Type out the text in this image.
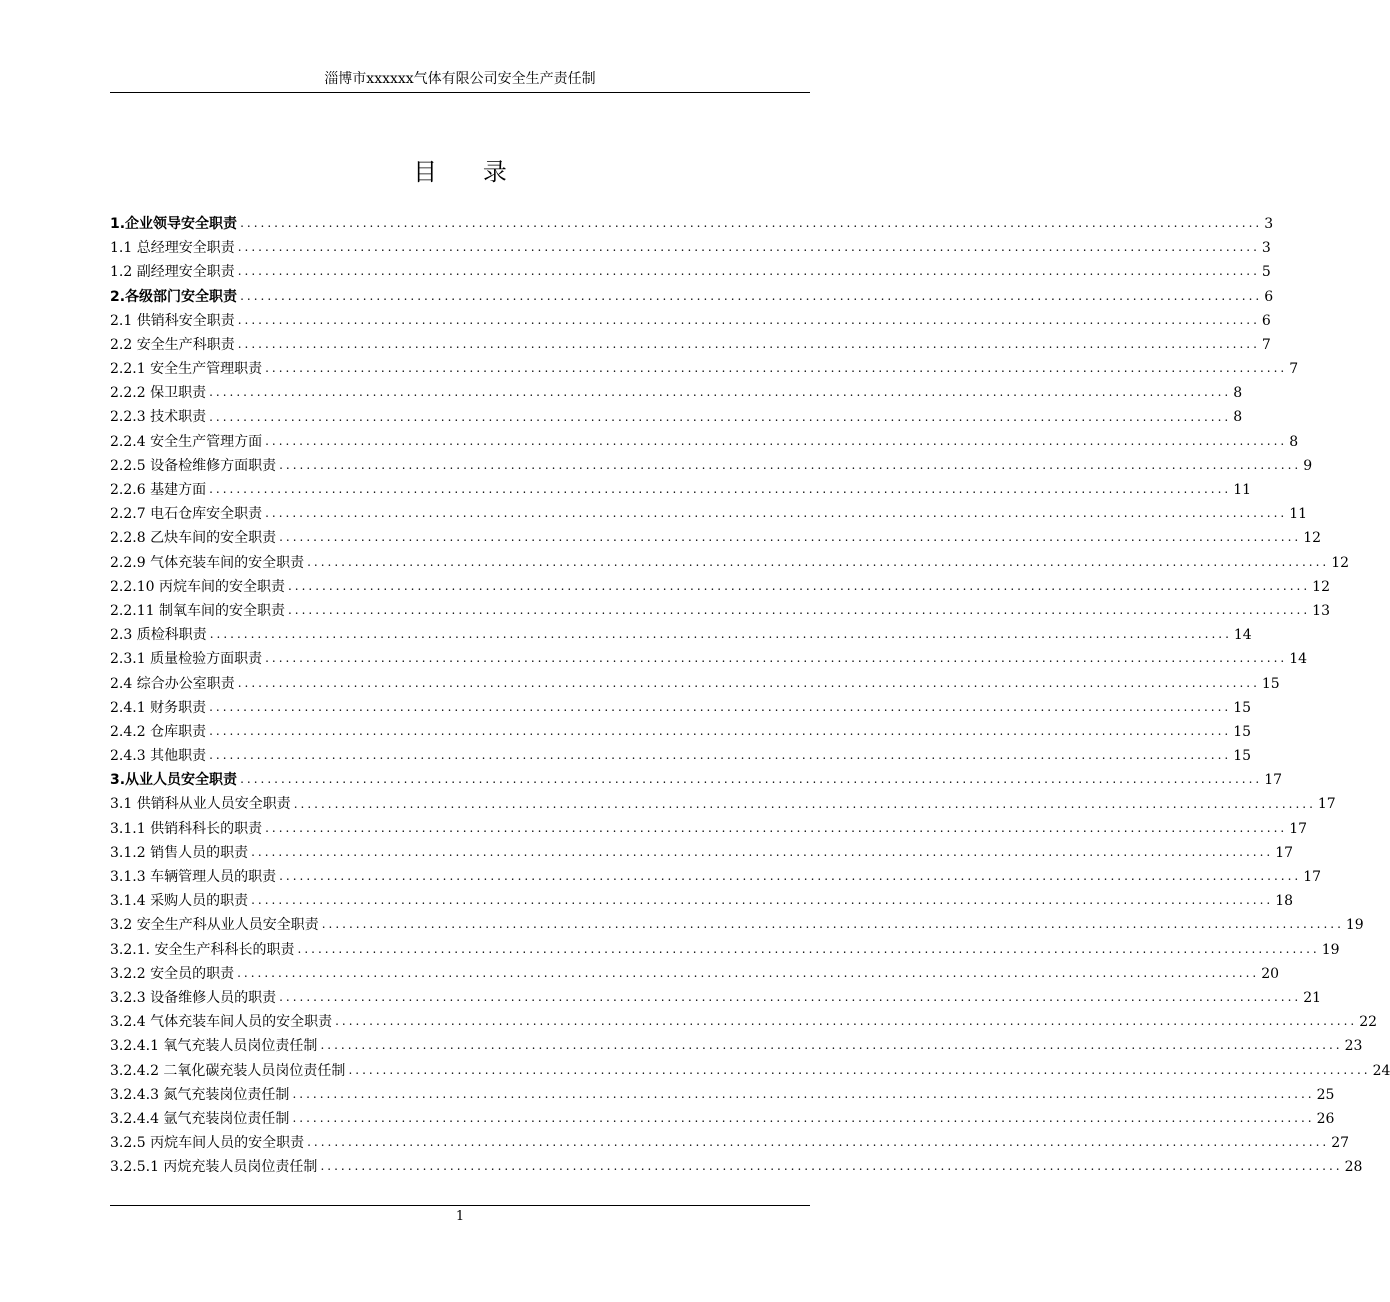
淄博市xxxxxx气体有限公司安全生产责任制
目      录
1.企业领导安全职责 ...................................................................................................................................................... 3
1.1 总经理安全职责 ...................................................................................................................................................... 3
1.2 副经理安全职责 ...................................................................................................................................................... 5
2.各级部门安全职责 ...................................................................................................................................................... 6
2.1 供销科安全职责 ...................................................................................................................................................... 6
2.2 安全生产科职责 ...................................................................................................................................................... 7
2.2.1 安全生产管理职责 ...................................................................................................................................................... 7
2.2.2 保卫职责 ...................................................................................................................................................... 8
2.2.3 技术职责 ...................................................................................................................................................... 8
2.2.4 安全生产管理方面 ...................................................................................................................................................... 8
2.2.5 设备检维修方面职责 ...................................................................................................................................................... 9
2.2.6 基建方面 ...................................................................................................................................................... 11
2.2.7 电石仓库安全职责 ...................................................................................................................................................... 11
2.2.8 乙炔车间的安全职责 ...................................................................................................................................................... 12
2.2.9 气体充装车间的安全职责 ...................................................................................................................................................... 12
2.2.10 丙烷车间的安全职责 ...................................................................................................................................................... 12
2.2.11 制氧车间的安全职责 ...................................................................................................................................................... 13
2.3 质检科职责 ...................................................................................................................................................... 14
2.3.1 质量检验方面职责 ...................................................................................................................................................... 14
2.4 综合办公室职责 ...................................................................................................................................................... 15
2.4.1 财务职责 ...................................................................................................................................................... 15
2.4.2 仓库职责 ...................................................................................................................................................... 15
2.4.3 其他职责 ...................................................................................................................................................... 15
3.从业人员安全职责 ...................................................................................................................................................... 17
3.1 供销科从业人员安全职责 ...................................................................................................................................................... 17
3.1.1 供销科科长的职责 ...................................................................................................................................................... 17
3.1.2 销售人员的职责 ...................................................................................................................................................... 17
3.1.3 车辆管理人员的职责 ...................................................................................................................................................... 17
3.1.4 采购人员的职责 ...................................................................................................................................................... 18
3.2 安全生产科从业人员安全职责 ...................................................................................................................................................... 19
3.2.1. 安全生产科科长的职责 ...................................................................................................................................................... 19
3.2.2 安全员的职责 ...................................................................................................................................................... 20
3.2.3 设备维修人员的职责 ...................................................................................................................................................... 21
3.2.4 气体充装车间人员的安全职责 ...................................................................................................................................................... 22
3.2.4.1 氧气充装人员岗位责任制 ...................................................................................................................................................... 23
3.2.4.2 二氧化碳充装人员岗位责任制 ...................................................................................................................................................... 24
3.2.4.3 氮气充装岗位责任制 ...................................................................................................................................................... 25
3.2.4.4 氩气充装岗位责任制 ...................................................................................................................................................... 26
3.2.5 丙烷车间人员的安全职责 ...................................................................................................................................................... 27
3.2.5.1 丙烷充装人员岗位责任制 ...................................................................................................................................................... 28
1
